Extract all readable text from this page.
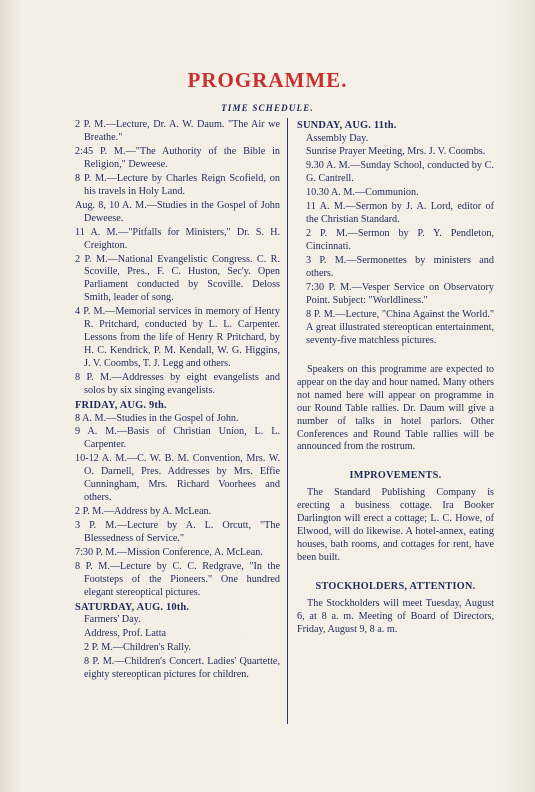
PROGRAMME.
TIME SCHEDULE.

2 P. M.—Lecture, Dr. A. W. Daum. "The Air we Breathe."

2:45 P. M.—"The Authority of the Bible in Religion," Deweese.

8 P. M.—Lecture by Charles Reign Scofield, on his travels in Holy Land.

Aug. 8, 10 A. M.—Studies in the Gospel of John Deweese.

11 A. M.—"Pitfalls for Ministers," Dr. S. H. Creighton.

2 P. M.—National Evangelistic Congress. C. R. Scoville, Pres., F. C. Huston, Sec'y. Open Parliament conducted by Scoville. Deloss Smith, leader of song.

4 P. M.—Memorial services in memory of Henry R. Pritchard, conducted by L. L. Carpenter. Lessons from the life of Henry R Pritchard, by H. C. Kendrick, P. M. Kendall, W. G. Higgins, J. V. Coombs, T. J. Legg and others.

8 P. M.—Addresses by eight evangelists and solos by six singing evangelists.

FRIDAY, AUG. 9th.

8 A. M.—Studies in the Gospel of John.

9 A. M.—Basis of Christian Union, L. L. Carpenter.

10-12 A. M.—C. W. B. M. Convention, Mrs. W. O. Darnell, Pres. Addresses by Mrs. Effie Cunningham, Mrs. Richard Voorhees and others.

2 P. M.—Address by A. McLean.

3 P. M.—Lecture by A. L. Orcutt, "The Blessedness of Service."

7:30 P. M.—Mission Conference, A. McLean.

8 P. M.—Lecture by C. C. Redgrave, "In the Footsteps of the Pioneers." One hundred elegant stereoptical pictures.

SATURDAY, AUG. 10th.

Farmers' Day.

Address, Prof. Latta

2 P. M.—Children's Rally.

8 P. M.—Children's Concert. Ladies' Quartette, eighty stereoptican pictures for children.

SUNDAY, AUG. 11th.

Assembly Day.

Sunrise Prayer Meeting, Mrs. J. V. Coombs.

9.30 A. M.—Sunday School, conducted by C. G. Cantrell.

10.30 A. M.—Communion.

11 A. M.—Sermon by J. A. Lord, editor of the Christian Standard.

2 P. M.—Sermon by P. Y. Pendleton, Cincinnati.

3 P. M.—Sermonettes by ministers and others.

7:30 P. M.—Vesper Service on Observatory Point. Subject: "Worldliness."

8 P. M.—Lecture, "China Against the World." A great illustrated stereoptican entertainment, seventy-five matchless pictures.

Speakers on this programme are expected to appear on the day and hour named. Many others not named here will appear on programme in our Round Table rallies. Dr. Daum will give a number of talks in hotel parlors. Other Conferences and Round Table rallies will be announced from the rostrum.

IMPROVEMENTS.

The Standard Publishing Company is erecting a business cottage. Ira Booker Darlington will erect a cottage; L. C. Howe, of Elwood, will do likewise. A hotel-annex, eating houses, bath rooms, and cottages for rent, have been built.

STOCKHOLDERS, ATTENTION.

The Stockholders will meet Tuesday, August 6, at 8 a. m. Meeting of Board of Directors, Friday, August 9, 8 a. m.
